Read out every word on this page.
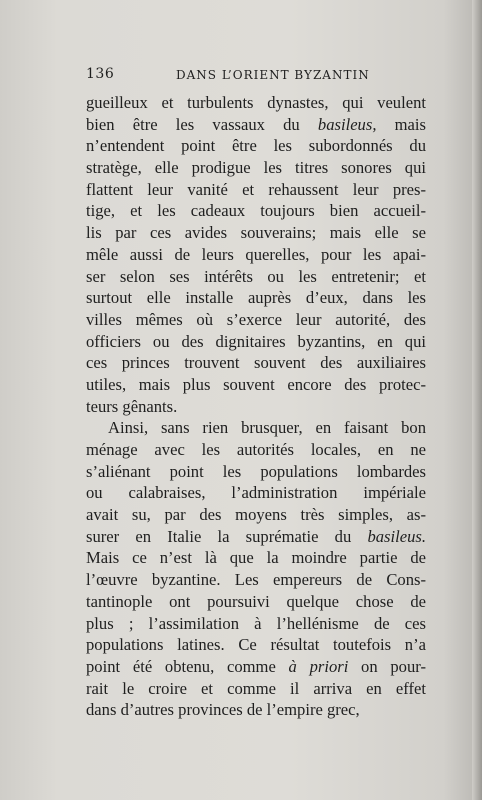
136	DANS L’ORIENT BYZANTIN
gueilleux et turbulents dynastes, qui veulent
bien être les vassaux du basileus, mais
n’entendent point être les subordonnés du
stratège, elle prodigue les titres sonores qui
flattent leur vanité et rehaussent leur pres-
tige, et les cadeaux toujours bien accueil-
lis par ces avides souverains; mais elle se
mêle aussi de leurs querelles, pour les apai-
ser selon ses intérêts ou les entretenir; et
surtout elle installe auprès d’eux, dans les
villes mêmes où s’exerce leur autorité, des
officiers ou des dignitaires byzantins, en qui
ces princes trouvent souvent des auxiliaires
utiles, mais plus souvent encore des protec-
teurs gênants.
Ainsi, sans rien brusquer, en faisant bon
ménage avec les autorités locales, en ne
s’aliénant point les populations lombardes
ou calabraises, l’administration impériale
avait su, par des moyens très simples, as-
surer en Italie la suprématie du basileus.
Mais ce n’est là que la moindre partie de
l’œuvre byzantine. Les empereurs de Cons-
tantinople ont poursuivi quelque chose de
plus ; l’assimilation à l’hellénisme de ces
populations latines. Ce résultat toutefois n’a
point été obtenu, comme à priori on pour-
rait le croire et comme il arriva en effet
dans d’autres provinces de l’empire grec,
